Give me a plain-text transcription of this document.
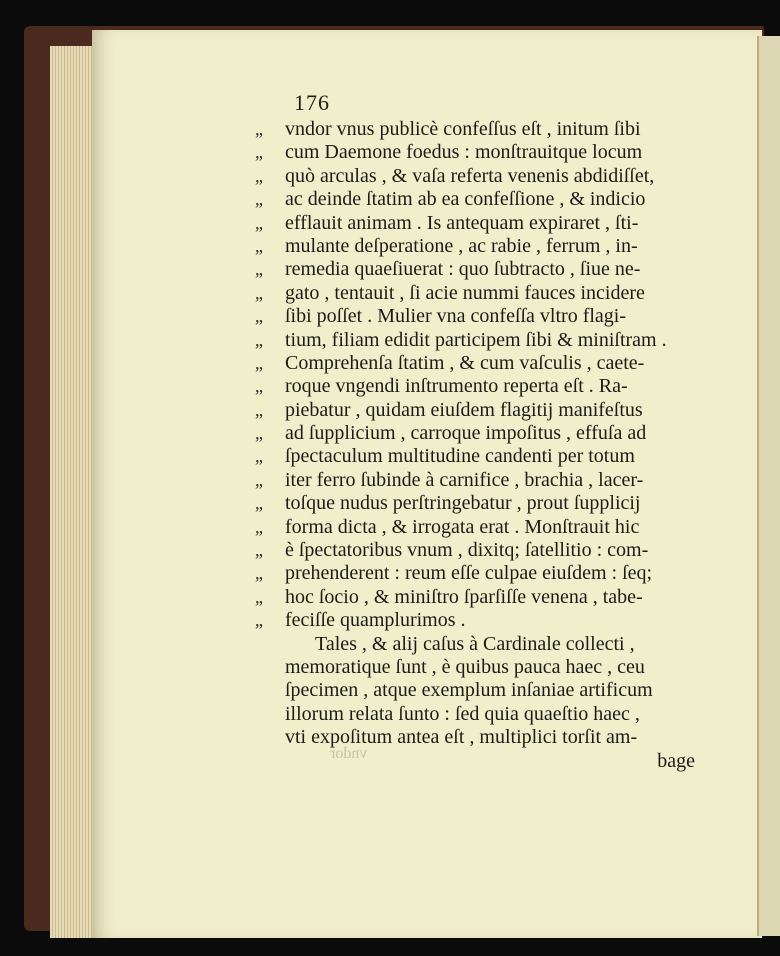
176
„	vndor vnus publicè confeſſus eſt , initum ſibi
„	cum Daemone foedus : monſtrauitque locum
„	quò arculas , & vaſa referta venenis abdidiſſet,
„	ac deinde ſtatim ab ea confeſſione , & indicio
„	efflauit animam . Is antequam expiraret , ſti-
„	mulante deſperatione , ac rabie , ferrum , in-
„	remedia quaeſiuerat : quo ſubtracto , ſiue ne-
„	gato , tentauit , ſi acie nummi fauces incidere
„	ſibi poſſet . Mulier vna confeſſa vltro flagi-
„	tium, filiam edidit participem ſibi & miniſtram .
„	Comprehenſa ſtatim , & cum vaſculis , caete-
„	roque vngendi inſtrumento reperta eſt . Ra-
„	piebatur , quidam eiuſdem flagitij manifeſtus
„	ad ſupplicium , carroque impoſitus , effuſa ad
„	ſpectaculum multitudine candenti per totum
„	iter ferro ſubinde à carnifice , brachia , lacer-
„	toſque nudus perſtringebatur , prout ſupplicij
„	forma dicta , & irrogata erat . Monſtrauit hic
„	è ſpectatoribus vnum , dixitq; ſatellitio : com-
„	prehenderent : reum eſſe culpae eiuſdem : ſeq;
„	hoc ſocio , & miniſtro ſparſiſſe venena , tabe-
„	feciſſe quamplurimos .
Tales , & alij caſus à Cardinale collecti ,
memoratique ſunt , è quibus pauca haec , ceu
ſpecimen , atque exemplum inſaniae artificum
illorum relata ſunto : ſed quia quaeſtio haec ,
vti expoſitum antea eſt , multiplici torſit am-
bage
vndor
